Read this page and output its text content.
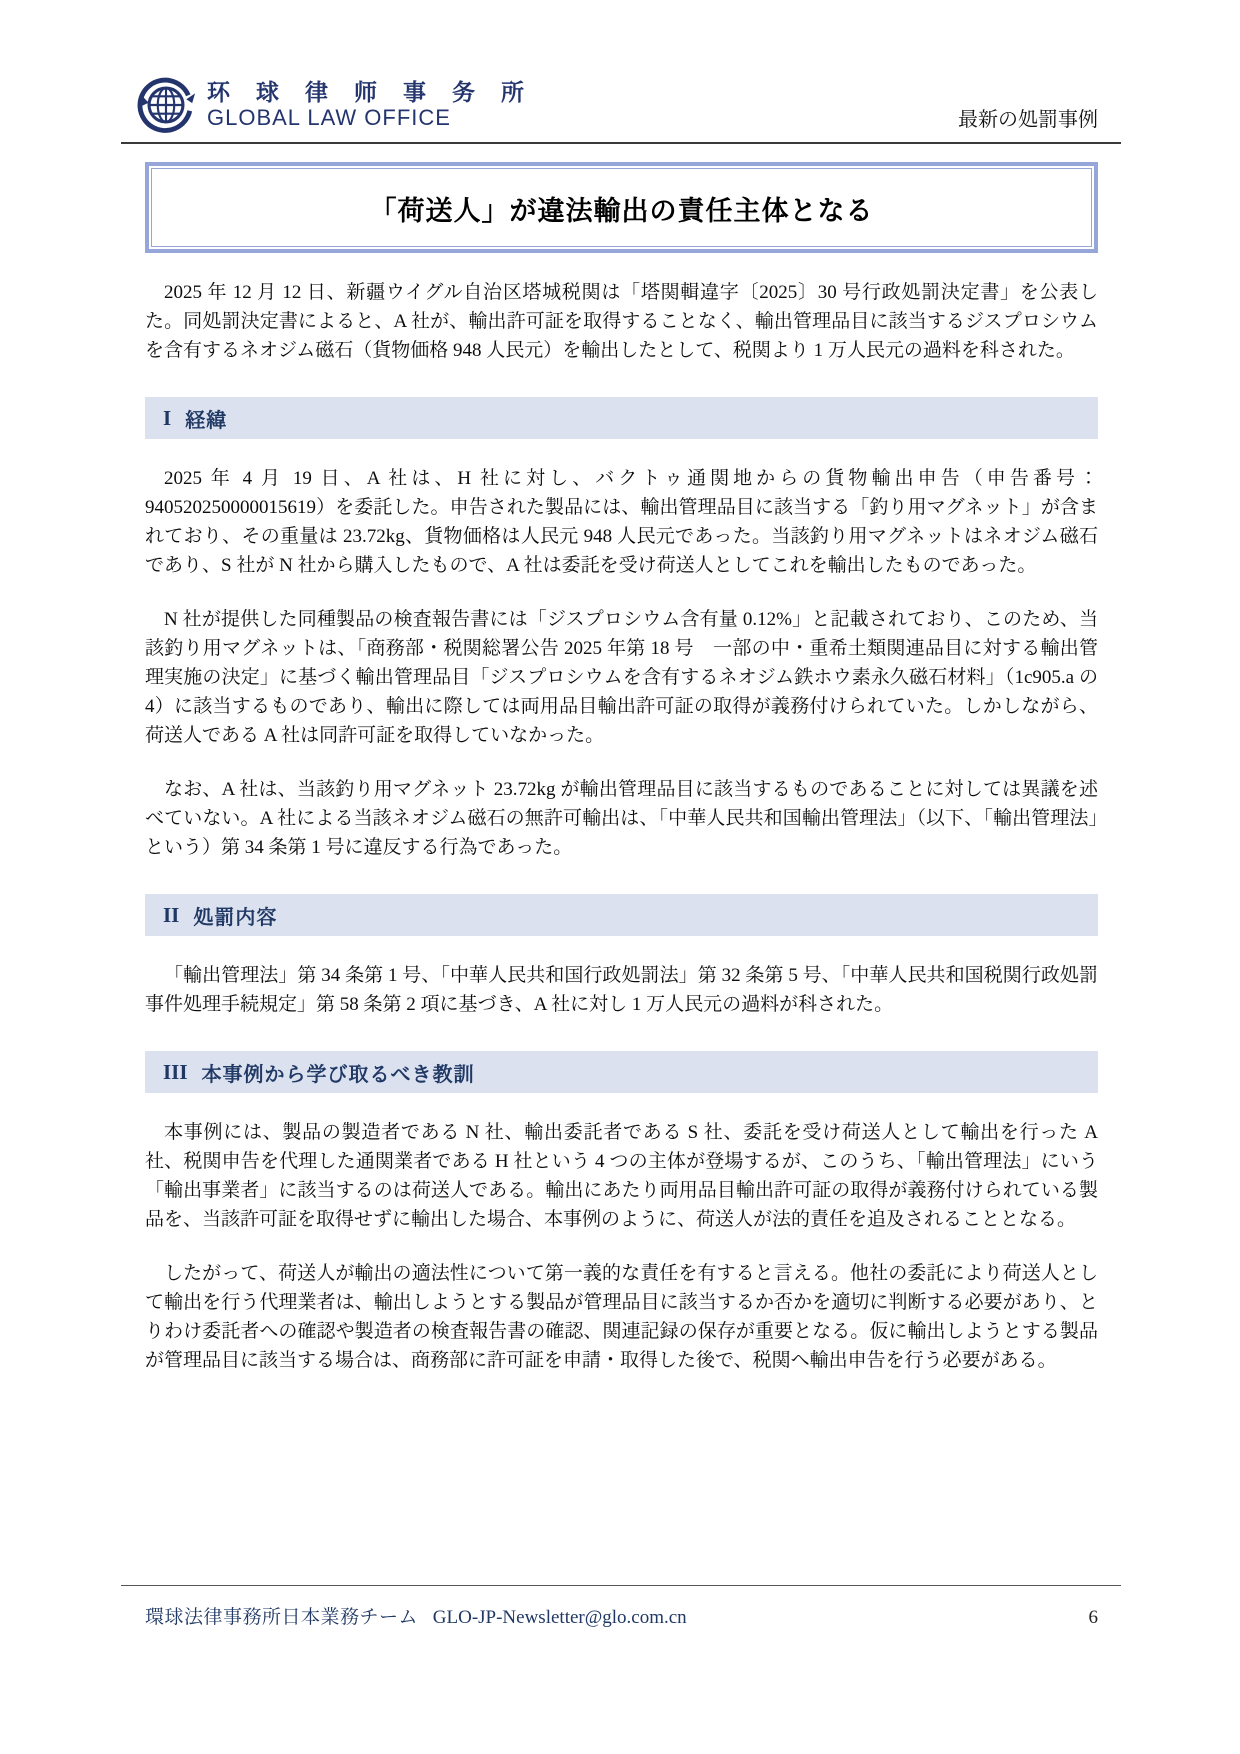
环 球 律 师 事 务 所
GLOBAL LAW OFFICE	最新の処罰事例
「荷送人」が違法輸出の責任主体となる

2025 年 12 月 12 日、新疆ウイグル自治区塔城税関は「塔関輯違字〔2025〕30 号行政処罰決定書」を公表した。同処罰決定書によると、A 社が、輸出許可証を取得することなく、輸出管理品目に該当するジスプロシウムを含有するネオジム磁石（貨物価格 948 人民元）を輸出したとして、税関より 1 万人民元の過料を科された。

I 経緯

2025 年 4 月 19 日、A 社は、H 社に対し、バクトゥ通関地からの貨物輸出申告（申告番号：940520250000015619）を委託した。申告された製品には、輸出管理品目に該当する「釣り用マグネット」が含まれており、その重量は 23.72kg、貨物価格は人民元 948 人民元であった。当該釣り用マグネットはネオジム磁石であり、S 社が N 社から購入したもので、A 社は委託を受け荷送人としてこれを輸出したものであった。

N 社が提供した同種製品の検査報告書には「ジスプロシウム含有量 0.12%」と記載されており、このため、当該釣り用マグネットは、「商務部・税関総署公告 2025 年第 18 号　一部の中・重希土類関連品目に対する輸出管理実施の決定」に基づく輸出管理品目「ジスプロシウムを含有するネオジム鉄ホウ素永久磁石材料」（1c905.a の 4）に該当するものであり、輸出に際しては両用品目輸出許可証の取得が義務付けられていた。しかしながら、荷送人である A 社は同許可証を取得していなかった。

なお、A 社は、当該釣り用マグネット 23.72kg が輸出管理品目に該当するものであることに対しては異議を述べていない。A 社による当該ネオジム磁石の無許可輸出は、「中華人民共和国輸出管理法」（以下、「輸出管理法」という）第 34 条第 1 号に違反する行為であった。

II 処罰内容

「輸出管理法」第 34 条第 1 号、「中華人民共和国行政処罰法」第 32 条第 5 号、「中華人民共和国税関行政処罰事件処理手続規定」第 58 条第 2 項に基づき、A 社に対し 1 万人民元の過料が科された。

III 本事例から学び取るべき教訓

本事例には、製品の製造者である N 社、輸出委託者である S 社、委託を受け荷送人として輸出を行った A 社、税関申告を代理した通関業者である H 社という 4 つの主体が登場するが、このうち、「輸出管理法」にいう「輸出事業者」に該当するのは荷送人である。輸出にあたり両用品目輸出許可証の取得が義務付けられている製品を、当該許可証を取得せずに輸出した場合、本事例のように、荷送人が法的責任を追及されることとなる。

したがって、荷送人が輸出の適法性について第一義的な責任を有すると言える。他社の委託により荷送人として輸出を行う代理業者は、輸出しようとする製品が管理品目に該当するか否かを適切に判断する必要があり、とりわけ委託者への確認や製造者の検査報告書の確認、関連記録の保存が重要となる。仮に輸出しようとする製品が管理品目に該当する場合は、商務部に許可証を申請・取得した後で、税関へ輸出申告を行う必要がある。

環球法律事務所日本業務チーム GLO-JP-Newsletter@glo.com.cn	6
